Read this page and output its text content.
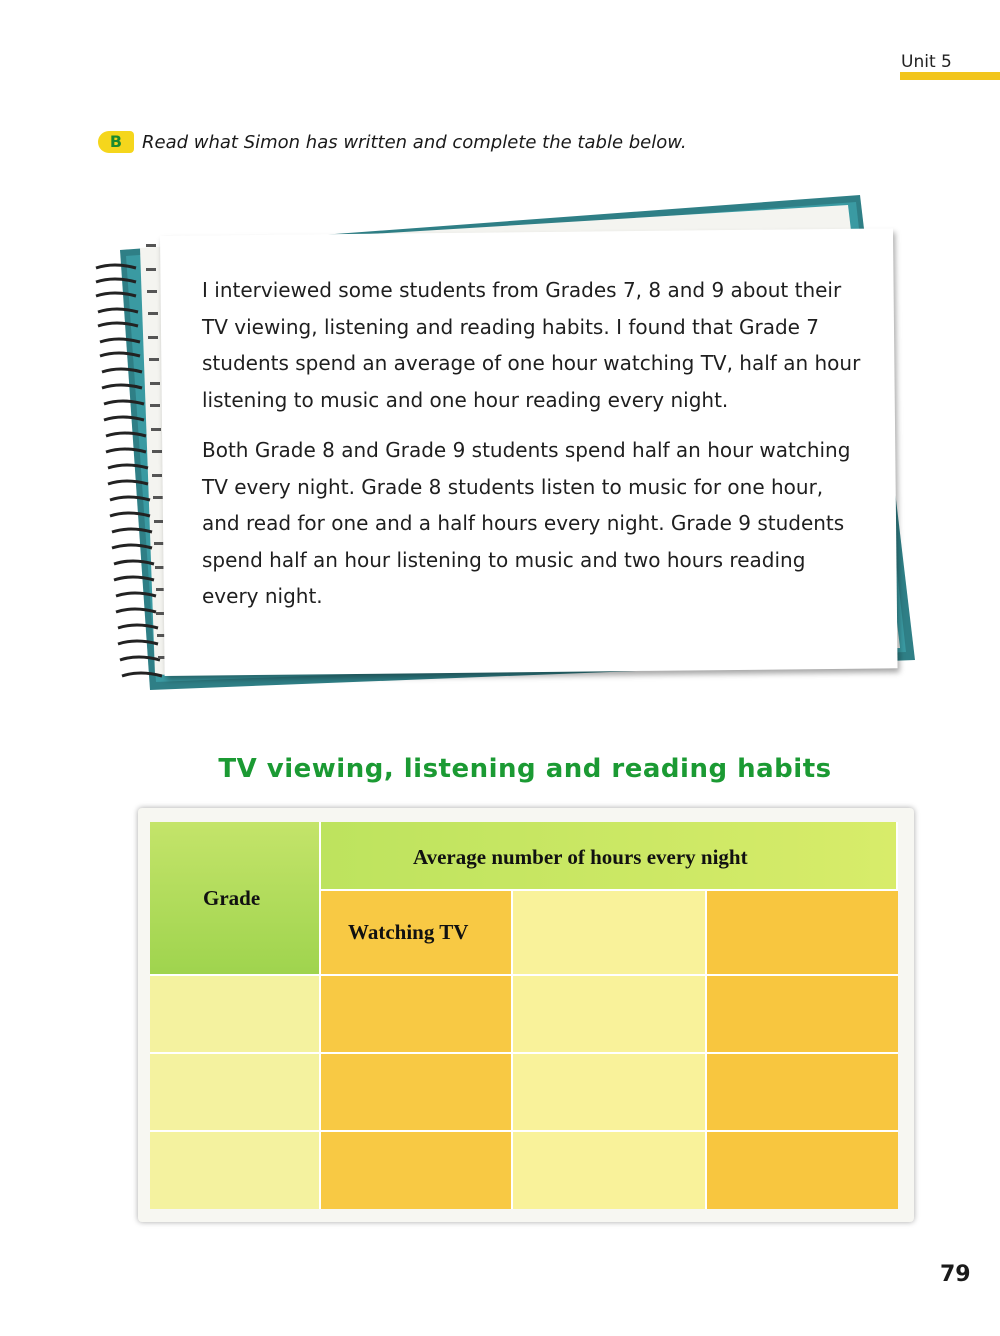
Unit 5
B	Read what Simon has written and complete the table below.

I interviewed some students from Grades 7, 8 and 9 about their TV viewing, listening and reading habits. I found that Grade 7 students spend an average of one hour watching TV, half an hour listening to music and one hour reading every night.

Both Grade 8 and Grade 9 students spend half an hour watching TV every night. Grade 8 students listen to music for one hour, and read for one and a half hours every night. Grade 9 students spend half an hour listening to music and two hours reading every night.

TV viewing, listening and reading habits
Grade
Average number of hours every night
Watching TV
79
